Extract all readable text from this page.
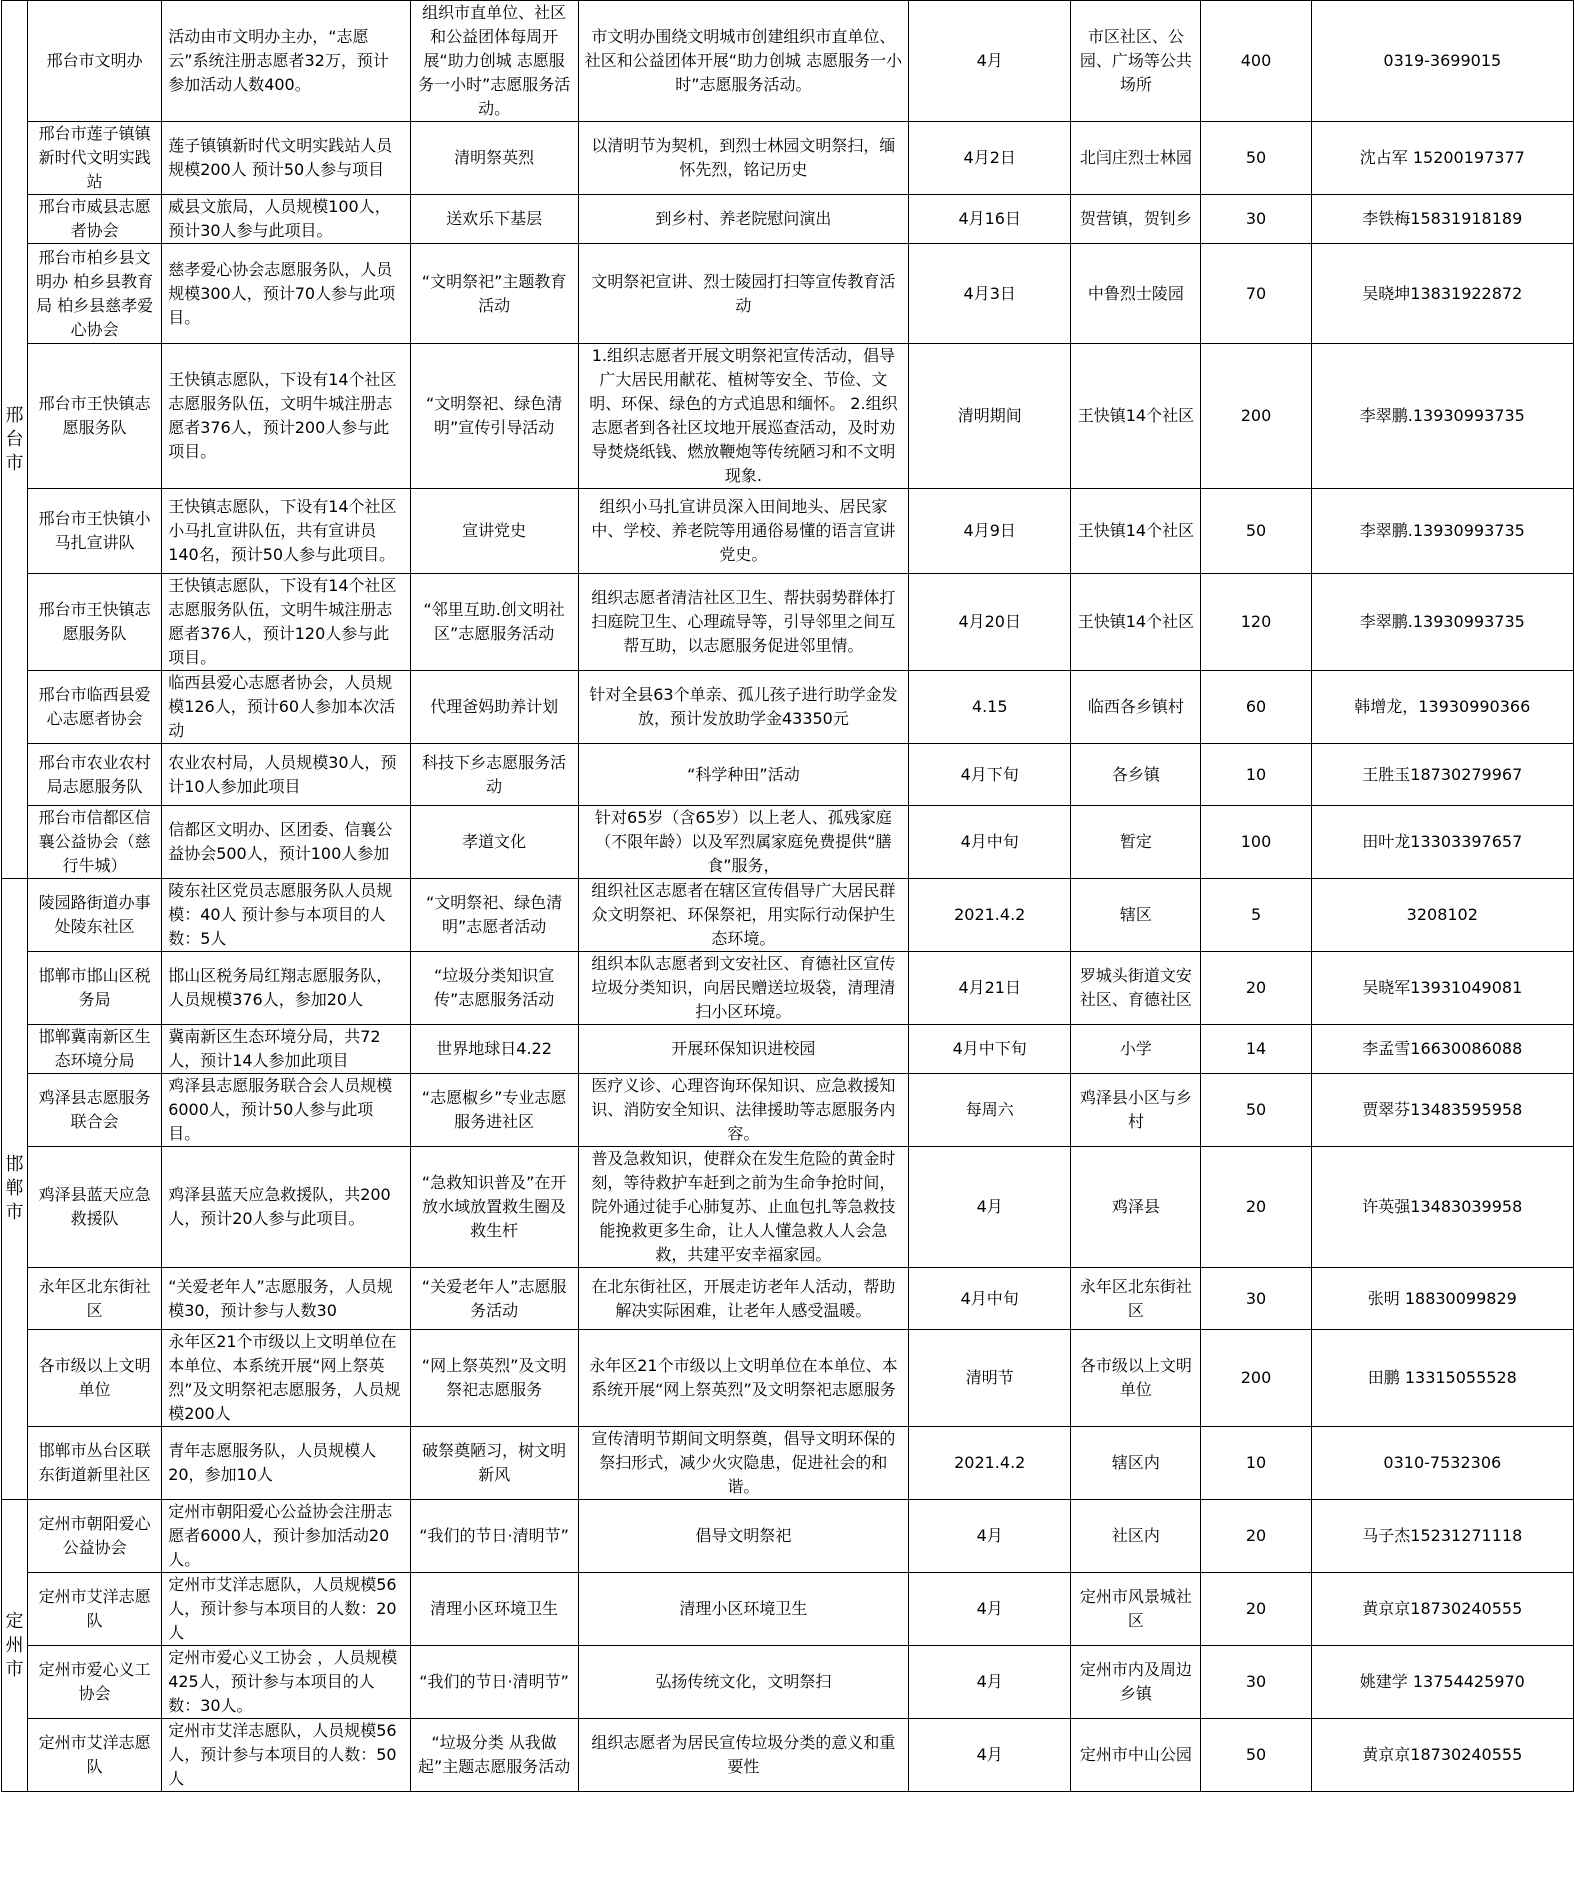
邢台市	邢台市文明办	活动由市文明办主办，“志愿云”系统注册志愿者32万，预计参加活动人数400。	组织市直单位、社区和公益团体每周开展“助力创城 志愿服务一小时”志愿服务活动。	市文明办围绕文明城市创建组织市直单位、社区和公益团体开展“助力创城 志愿服务一小时”志愿服务活动。	4月	市区社区、公园、广场等公共场所	400	0319-3699015
	邢台市莲子镇镇新时代文明实践站	莲子镇镇新时代文明实践站人员规模200人 预计50人参与项目	清明祭英烈	以清明节为契机，到烈士林园文明祭扫，缅怀先烈，铭记历史	4月2日	北闫庄烈士林园	50	沈占军 15200197377
	邢台市威县志愿者协会	威县文旅局，人员规模100人，预计30人参与此项目。	送欢乐下基层	到乡村、养老院慰问演出	4月16日	贺营镇，贺钊乡	30	李铁梅15831918189
	邢台市柏乡县文明办 柏乡县教育局 柏乡县慈孝爱心协会	慈孝爱心协会志愿服务队，人员规模300人，预计70人参与此项目。	“文明祭祀”主题教育活动	文明祭祀宣讲、烈士陵园打扫等宣传教育活动	4月3日	中鲁烈士陵园	70	吴晓坤13831922872
	邢台市王快镇志愿服务队	王快镇志愿队，下设有14个社区志愿服务队伍，文明牛城注册志愿者376人，预计200人参与此项目。	“文明祭祀、绿色清明”宣传引导活动	1.组织志愿者开展文明祭祀宣传活动，倡导广大居民用献花、植树等安全、节俭、文明、环保、绿色的方式追思和缅怀。 2.组织志愿者到各社区坟地开展巡查活动，及时劝导焚烧纸钱、燃放鞭炮等传统陋习和不文明现象.	清明期间	王快镇14个社区	200	李翠鹏.13930993735
	邢台市王快镇小马扎宣讲队	王快镇志愿队，下设有14个社区小马扎宣讲队伍，共有宣讲员140名，预计50人参与此项目。	宣讲党史	组织小马扎宣讲员深入田间地头、居民家中、学校、养老院等用通俗易懂的语言宣讲党史。	4月9日	王快镇14个社区	50	李翠鹏.13930993735
	邢台市王快镇志愿服务队	王快镇志愿队，下设有14个社区志愿服务队伍，文明牛城注册志愿者376人，预计120人参与此项目。	“邻里互助.创文明社区”志愿服务活动	组织志愿者清洁社区卫生、帮扶弱势群体打扫庭院卫生、心理疏导等，引导邻里之间互帮互助，以志愿服务促进邻里情。	4月20日	王快镇14个社区	120	李翠鹏.13930993735
	邢台市临西县爱心志愿者协会	临西县爱心志愿者协会，人员规模126人，预计60人参加本次活动	代理爸妈助养计划	针对全县63个单亲、孤儿孩子进行助学金发放，预计发放助学金43350元	4.15	临西各乡镇村	60	韩增龙，13930990366
	邢台市农业农村局志愿服务队	农业农村局，人员规模30人，预计10人参加此项目	科技下乡志愿服务活动	“科学种田”活动	4月下旬	各乡镇	10	王胜玉18730279967
	邢台市信都区信襄公益协会（慈行牛城）	信都区文明办、区团委、信襄公益协会500人，预计100人参加	孝道文化	针对65岁（含65岁）以上老人、孤残家庭（不限年龄）以及军烈属家庭免费提供“膳食”服务，	4月中旬	暂定	100	田叶龙13303397657
邯郸市	陵园路街道办事处陵东社区	陵东社区党员志愿服务队人员规模：40人 预计参与本项目的人数：5人	“文明祭祀、绿色清明”志愿者活动	组织社区志愿者在辖区宣传倡导广大居民群众文明祭祀、环保祭祀，用实际行动保护生态环境。	2021.4.2	辖区	5	3208102
	邯郸市邯山区税务局	邯山区税务局红翔志愿服务队，人员规模376人，参加20人	“垃圾分类知识宣传”志愿服务活动	组织本队志愿者到文安社区、育德社区宣传垃圾分类知识，向居民赠送垃圾袋，清理清扫小区环境。	4月21日	罗城头街道文安社区、育德社区	20	吴晓军13931049081
	邯郸冀南新区生态环境分局	冀南新区生态环境分局，共72人，预计14人参加此项目	世界地球日4.22	开展环保知识进校园	4月中下旬	小学	14	李孟雪16630086088
	鸡泽县志愿服务联合会	鸡泽县志愿服务联合会人员规模6000人，预计50人参与此项目。	“志愿椒乡”专业志愿服务进社区	医疗义诊、心理咨询环保知识、应急救援知识、消防安全知识、法律援助等志愿服务内容。	每周六	鸡泽县小区与乡村	50	贾翠芬13483595958
	鸡泽县蓝天应急救援队	鸡泽县蓝天应急救援队，共200人，预计20人参与此项目。	“急救知识普及”在开放水域放置救生圈及救生杆	普及急救知识，使群众在发生危险的黄金时刻，等待救护车赶到之前为生命争抢时间，院外通过徒手心肺复苏、止血包扎等急救技能挽救更多生命，让人人懂急救人人会急救，共建平安幸福家园。	4月	鸡泽县	20	许英强13483039958
	永年区北东街社区	“关爱老年人”志愿服务，人员规模30，预计参与人数30	“关爱老年人”志愿服务活动	在北东街社区，开展走访老年人活动，帮助解决实际困难，让老年人感受温暖。	4月中旬	永年区北东街社区	30	张明 18830099829
	各市级以上文明单位	永年区21个市级以上文明单位在本单位、本系统开展“网上祭英烈”及文明祭祀志愿服务，人员规模200人	“网上祭英烈”及文明祭祀志愿服务	永年区21个市级以上文明单位在本单位、本系统开展“网上祭英烈”及文明祭祀志愿服务	清明节	各市级以上文明单位	200	田鹏 13315055528
	邯郸市丛台区联东街道新里社区	青年志愿服务队，人员规模人20，参加10人	破祭奠陋习，树文明新风	宣传清明节期间文明祭奠，倡导文明环保的祭扫形式，减少火灾隐患，促进社会的和谐。	2021.4.2	辖区内	10	0310-7532306
定州市	定州市朝阳爱心公益协会	定州市朝阳爱心公益协会注册志愿者6000人，预计参加活动20人。	“我们的节日·清明节”	倡导文明祭祀	4月	社区内	20	马子杰15231271118
	定州市艾洋志愿队	定州市艾洋志愿队，人员规模56人，预计参与本项目的人数：20人	清理小区环境卫生	清理小区环境卫生	4月	定州市风景城社区	20	黄京京18730240555
	定州市爱心义工协会	定州市爱心义工协会 ，人员规模425人，预计参与本项目的人数：30人。	“我们的节日·清明节”	弘扬传统文化，文明祭扫	4月	定州市内及周边乡镇	30	姚建学 13754425970
	定州市艾洋志愿队	定州市艾洋志愿队，人员规模56人，预计参与本项目的人数：50人	“垃圾分类 从我做起”主题志愿服务活动	组织志愿者为居民宣传垃圾分类的意义和重要性	4月	定州市中山公园	50	黄京京18730240555
